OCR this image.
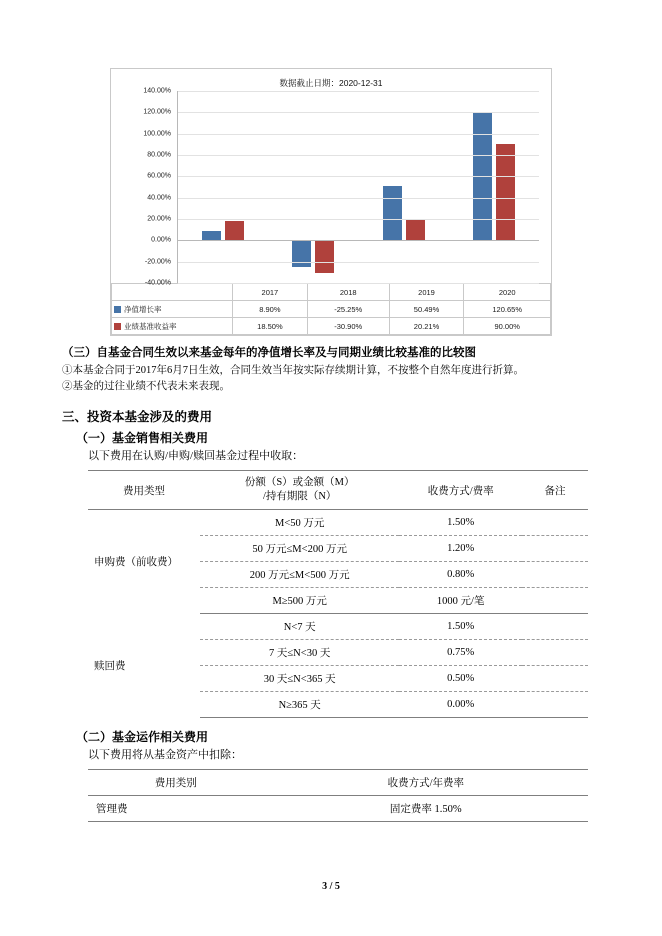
数据截止日期：2020-12-31
140.00%
120.00%
100.00%
80.00%
60.00%
40.00%
20.00%
0.00%
-20.00%
-40.00%
	2017	2018	2019	2020
净值增长率	8.90%	-25.25%	50.49%	120.65%
业绩基准收益率	18.50%	-30.90%	20.21%	90.00%

（三）自基金合同生效以来基金每年的净值增长率及与同期业绩比较基准的比较图

①本基金合同于2017年6月7日生效，合同生效当年按实际存续期计算，不按整个自然年度进行折算。

②基金的过往业绩不代表未来表现。

三、投资本基金涉及的费用

（一）基金销售相关费用

以下费用在认购/申购/赎回基金过程中收取：

费用类型	份额（S）或金额（M）
/持有期限（N）	收费方式/费率	备注
申购费（前收费）	M<50 万元	1.50%	
	50 万元≤M<200 万元	1.20%	
	200 万元≤M<500 万元	0.80%	
	M≥500 万元	1000 元/笔	
赎回费	N<7 天	1.50%	
	7 天≤N<30 天	0.75%	
	30 天≤N<365 天	0.50%	
	N≥365 天	0.00%	

（二）基金运作相关费用

以下费用将从基金资产中扣除：

费用类别	收费方式/年费率
管理费	固定费率 1.50%
3 / 5
